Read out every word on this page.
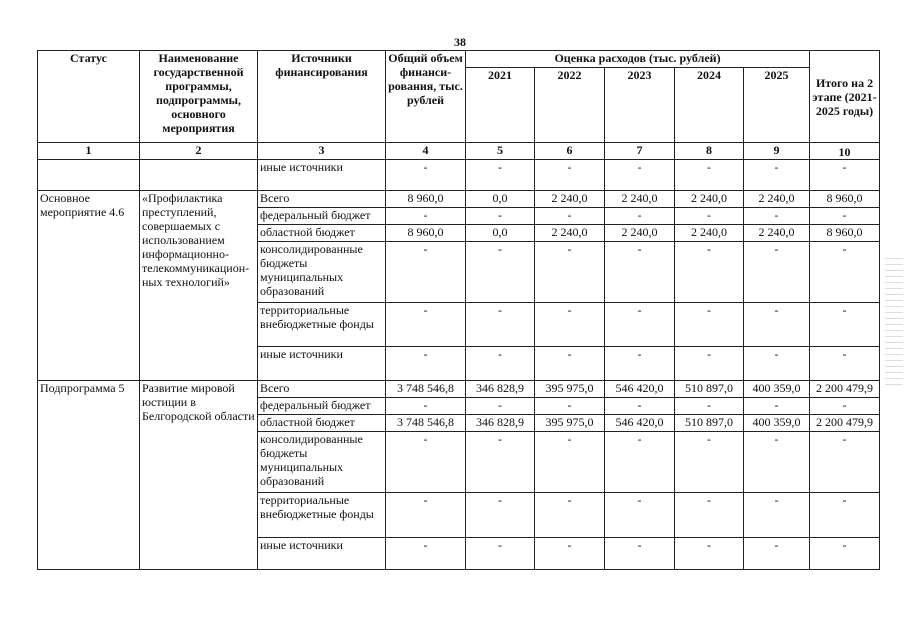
38
Статус	Наименование государственной программы, подпрограммы, основного мероприятия	Источники финансирования	Общий объем финанси-рования, тыс. рублей	Оценка расходов (тыс. рублей)					Итого на 2 этапе (2021-2025 годы)
				2021	2022	2023	2024	2025	
1	2	3	4	5	6	7	8	9	10
		иные источники	-	-	-	-	-	-	-
Основное мероприятие 4.6	«Профилактика преступлений, совершаемых с использованием информационно-телекоммуникацион-ных технологий»	Всего	8 960,0	0,0	2 240,0	2 240,0	2 240,0	2 240,0	8 960,0
		федеральный бюджет	-	-	-	-	-	-	-
		областной бюджет	8 960,0	0,0	2 240,0	2 240,0	2 240,0	2 240,0	8 960,0
		консолидированные бюджеты муниципальных образований	-	-	-	-	-	-	-
		территориальные внебюджетные фонды	-	-	-	-	-	-	-
		иные источники	-	-	-	-	-	-	-
Подпрограмма 5	Развитие мировой юстиции в Белгородской области	Всего	3 748 546,8	346 828,9	395 975,0	546 420,0	510 897,0	400 359,0	2 200 479,9
		федеральный бюджет	-	-	-	-	-	-	-
		областной бюджет	3 748 546,8	346 828,9	395 975,0	546 420,0	510 897,0	400 359,0	2 200 479,9
		консолидированные бюджеты муниципальных образований	-	-	-	-	-	-	-
		территориальные внебюджетные фонды	-	-	-	-	-	-	-
		иные источники	-	-	-	-	-	-	-
